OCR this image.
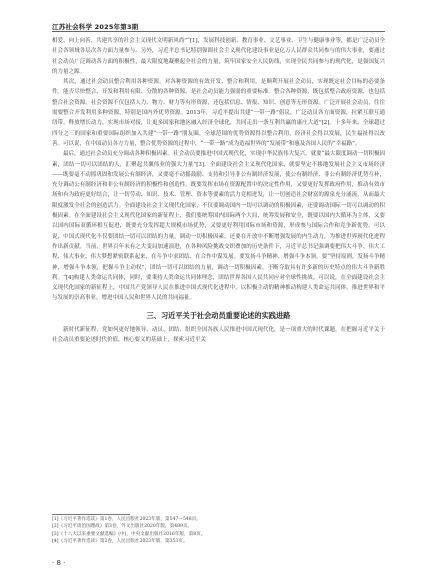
江苏社会科学 2025年第3期

相爱、向上向善、共建共享的社会主义现代文明新风尚”“[1]，发展科技创新、教育事业、文艺事业、卫生与健康事业等，都是广泛动员全社会各领域各层次各方面力量参与。另外，习近平总书记特别强调社会主义现代化建设事业是亿万人民群众共同参与的伟大事业，要通过社会动员广泛调动各方面的积极性，最大限度地凝聚起全社会的力量，筑牢国家安全人民防线，实现全民共同参与的现代化，是强国复兴的力量之源。

其次，通过社会动员整合利用各种资源。对各种资源的有效开发、整合和利用，是顺利开展社会动员，实现既定社会目标的必要条件。能否尽快整合、开发和利用有限、分散的各种资源，是社会动员能力强弱的重要标准。整合各种资源，既包括整合政府资源，也包括整合社会资源。社会资源不仅包括人力、物力、财力等有形资源，还包括信息、情报、知识、创意等无形资源。广泛开展社会动员，往往需要整合开发利用多种资源，特别是国内外优势资源。2013年，习近平提出共建“一带一路”倡议，广泛动员各方面资源，拉紧互联互通纽带，释放增长动力，实现市场对接，让更多国家和地区融入经济全球化，共同走出一条互利共赢的康庄大道”[2]。十多年来，全球超过四分之三的国家和重要国际组织加入共建“一带一路”朋友圈，全球范围的优势资源得以整合利用，经济社会得以发展，民生福祉得以改善。可以说，在中国动员各方力量，整合优势资源的过程中，“一带一路”成为造福世界的“发展带”和惠及各国人民的“幸福路”。

最后，通过社会动员充分调动各种积极因素。社会动员要推进中国式现代化，实现中华民族伟大复兴，就要“最大限度调动一切积极因素，团结一切可以团结的人，汇聚起共襄伟业的强大力量”[3]。全面建设社会主义现代化国家，就要坚定不移地发展社会主义市场经济——既要毫不动摇巩固和发展公有制经济，又要毫不动摇鼓励、支持和引导非公有制经济发展，使公有制经济、非公有制经济优势互补，充分调动公有制经济和非公有制经济的积极性和创造性。既要发挥市场在资源配置中的决定性作用，又要更好发挥政府作用，推动有效市场和有为政府更好结合，让一切劳动、知识、技术、管理、资本等要素的活力竞相迸发，让一切创造社会财富的源泉充分涌流，从而最大限度激发全社会的创造活力。全面建设社会主义现代化国家，不仅要调动国内一切可以调动的积极因素，还要调动国际一切可以调动的积极因素。在全面建设社会主义现代化国家的新征程上，我们要统筹国内国际两个大局，统筹发展和安全，既要以国内大循环为主体，又要以国内国际双循环相互促进，既要充分发挥超大规模市场优势，又要更好利用国际市场和资源，形成参与国际合作和竞争新优势。可以说，中国式现代化不仅要团结一切可以团结的力量，调动一切积极因素，还要在开放中不断增强发展的内生动力，为推进世界现代化进程作出新贡献。当前，世界百年未有之大变局加速演进，在各种风险挑战交织叠加的历史条件下，习近平总书记强调要把伟大斗争、伟大工程、伟大事业、伟大梦想紧密联系起来，在斗争中求团结、在合作中谋发展。要发扬斗争精神、增强斗争本领，要“坚持原则，发扬斗争精神，增强斗争本领，把握斗争主动权”，团结一切可以团结的力量，调动一切积极因素，不断夺取具有许多新的历史特点的伟大斗争新胜利。“[4]构建人类命运共同体，同时，要秉持人类命运共同体理念，团结世界各国人民共同应对全球性挑战。可以说，在全面建设社会主义现代化国家的新征程上，中国共产党领导人民在推进中国式现代化进程中，以积极主动的精神推动构建人类命运共同体，推进世界和平与发展的崇高事业，增进中国人民和世界人民的共同福祉。

三、习近平关于社会动员重要论述的实践进路

新时代新征程，党如何更好地领导、动员、团结、组织全国各族人民推进中国式现代化，是一项重大的时代课题。在把握习近平关于社会动员重要论述时代价值，核心要义的基础上，探索习近平关

[1]《习近平著作选读》第1卷，人民出版社2023年版，第547—548页。
[2]《习近平谈治国理政》第3卷，外文出版社2020年版，第489页。
[3]《十八大以来重要文献选编》(中)，中央文献出版社2016年版，第8页。
[4]《习近平著作选读》第2卷，人民出版社2023年版，第353页。
· 8 ·
